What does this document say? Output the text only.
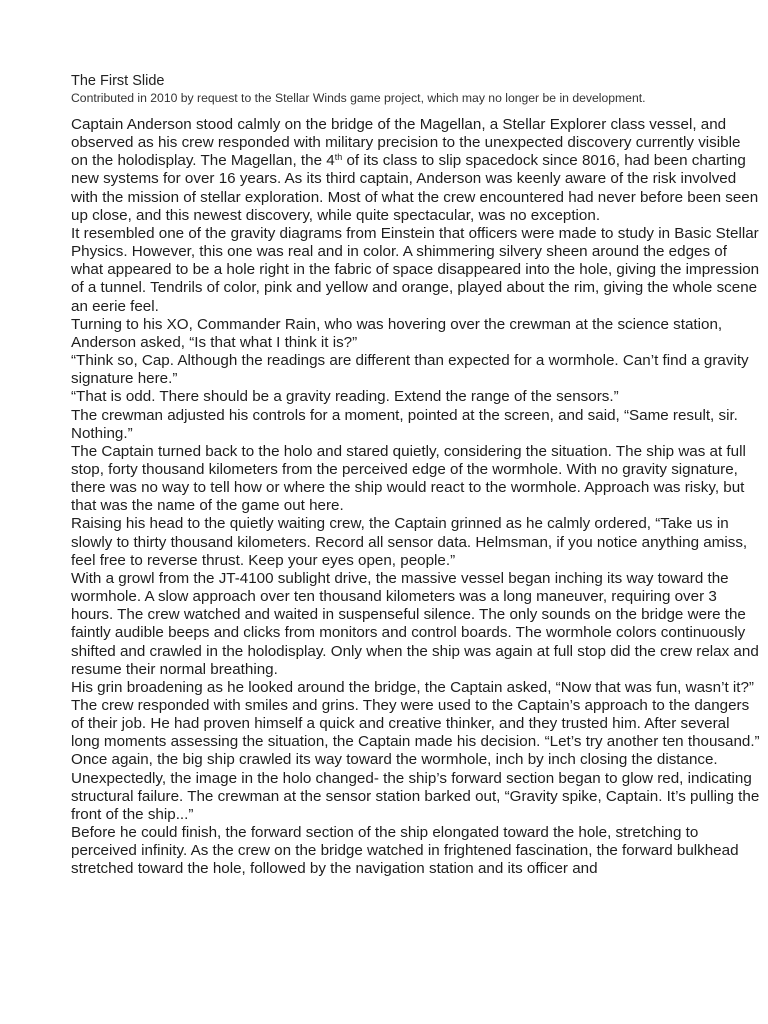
The First Slide
Contributed in 2010 by request to the Stellar Winds game project, which may no longer be in development.

Captain Anderson stood calmly on the bridge of the Magellan, a Stellar Explorer class vessel, and observed as his crew responded with military precision to the unexpected discovery currently visible on the holodisplay. The Magellan, the 4th of its class to slip spacedock since 8016, had been charting new systems for over 16 years. As its third captain, Anderson was keenly aware of the risk involved with the mission of stellar exploration. Most of what the crew encountered had never before been seen up close, and this newest discovery, while quite spectacular, was no exception.

It resembled one of the gravity diagrams from Einstein that officers were made to study in Basic Stellar Physics. However, this one was real and in color. A shimmering silvery sheen around the edges of what appeared to be a hole right in the fabric of space disappeared into the hole, giving the impression of a tunnel. Tendrils of color, pink and yellow and orange, played about the rim, giving the whole scene an eerie feel.

Turning to his XO, Commander Rain, who was hovering over the crewman at the science station, Anderson asked, “Is that what I think it is?”

“Think so, Cap. Although the readings are different than expected for a wormhole. Can’t find a gravity signature here.”

“That is odd. There should be a gravity reading. Extend the range of the sensors.”

The crewman adjusted his controls for a moment, pointed at the screen, and said, “Same result, sir. Nothing.”

The Captain turned back to the holo and stared quietly, considering the situation. The ship was at full stop, forty thousand kilometers from the perceived edge of the wormhole. With no gravity signature, there was no way to tell how or where the ship would react to the wormhole. Approach was risky, but that was the name of the game out here.

Raising his head to the quietly waiting crew, the Captain grinned as he calmly ordered, “Take us in slowly to thirty thousand kilometers. Record all sensor data. Helmsman, if you notice anything amiss, feel free to reverse thrust. Keep your eyes open, people.”

With a growl from the JT-4100 sublight drive, the massive vessel began inching its way toward the wormhole. A slow approach over ten thousand kilometers was a long maneuver, requiring over 3 hours. The crew watched and waited in suspenseful silence. The only sounds on the bridge were the faintly audible beeps and clicks from monitors and control boards. The wormhole colors continuously shifted and crawled in the holodisplay. Only when the ship was again at full stop did the crew relax and resume their normal breathing.

His grin broadening as he looked around the bridge, the Captain asked, “Now that was fun, wasn’t it?”

The crew responded with smiles and grins. They were used to the Captain’s approach to the dangers of their job. He had proven himself a quick and creative thinker, and they trusted him. After several long moments assessing the situation, the Captain made his decision. “Let’s try another ten thousand.”

Once again, the big ship crawled its way toward the wormhole, inch by inch closing the distance. Unexpectedly, the image in the holo changed- the ship’s forward section began to glow red, indicating structural failure. The crewman at the sensor station barked out, “Gravity spike, Captain. It’s pulling the front of the ship...”

Before he could finish, the forward section of the ship elongated toward the hole, stretching to perceived infinity. As the crew on the bridge watched in frightened fascination, the forward bulkhead stretched toward the hole, followed by the navigation station and its officer and
